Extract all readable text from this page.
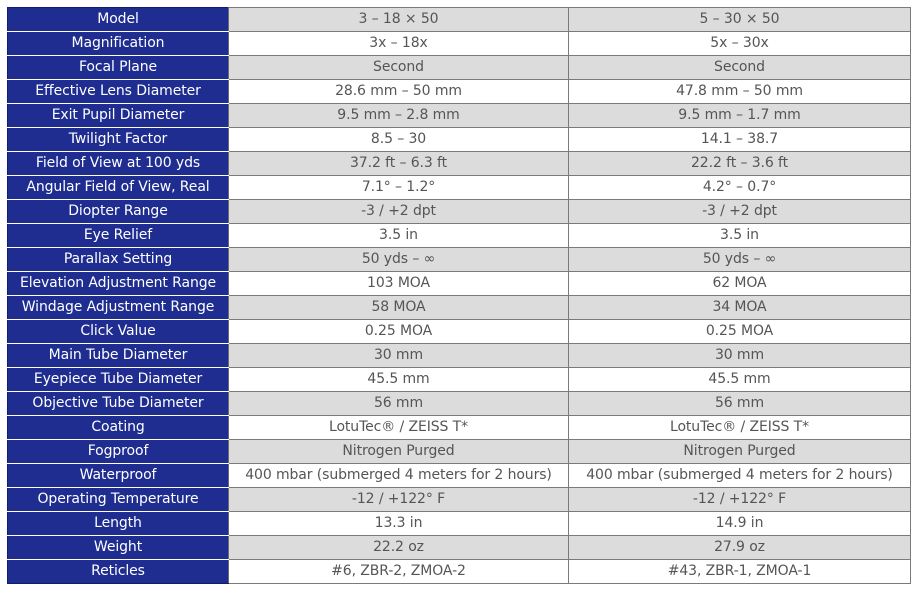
Model	3 – 18 × 50	5 – 30 × 50
Magnification	3x – 18x	5x – 30x
Focal Plane	Second	Second
Effective Lens Diameter	28.6 mm – 50 mm	47.8 mm – 50 mm
Exit Pupil Diameter	9.5 mm – 2.8 mm	9.5 mm – 1.7 mm
Twilight Factor	8.5 – 30	14.1 – 38.7
Field of View at 100 yds	37.2 ft – 6.3 ft	22.2 ft – 3.6 ft
Angular Field of View, Real	7.1° – 1.2°	4.2° – 0.7°
Diopter Range	-3 / +2 dpt	-3 / +2 dpt
Eye Relief	3.5 in	3.5 in
Parallax Setting	50 yds – ∞	50 yds – ∞
Elevation Adjustment Range	103 MOA	62 MOA
Windage Adjustment Range	58 MOA	34 MOA
Click Value	0.25 MOA	0.25 MOA
Main Tube Diameter	30 mm	30 mm
Eyepiece Tube Diameter	45.5 mm	45.5 mm
Objective Tube Diameter	56 mm	56 mm
Coating	LotuTec® / ZEISS T*	LotuTec® / ZEISS T*
Fogproof	Nitrogen Purged	Nitrogen Purged
Waterproof	400 mbar (submerged 4 meters for 2 hours)	400 mbar (submerged 4 meters for 2 hours)
Operating Temperature	-12 / +122° F	-12 / +122° F
Length	13.3 in	14.9 in
Weight	22.2 oz	27.9 oz
Reticles	#6, ZBR-2, ZMOA-2	#43, ZBR-1, ZMOA-1
